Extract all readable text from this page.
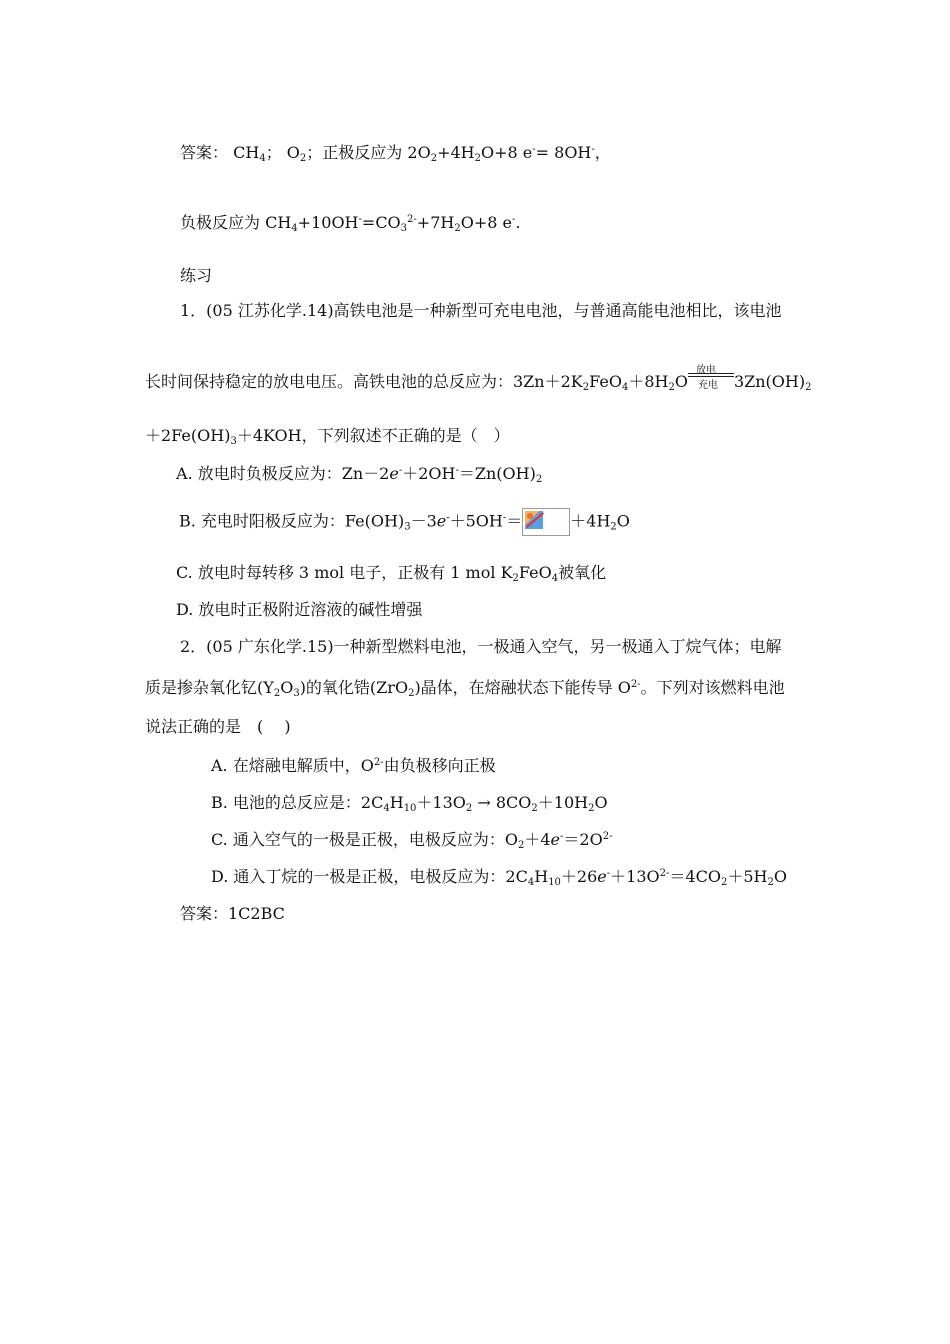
答案： $CH_4$； $O_2$；正极反应为 $2O_2+4H_2O+8$ e-= 8OH-，
负极反应为 $CH_4+10OH^-=CO_3^{2-}+7H_2O+8$ e-.
练习
1．(05 江苏化学.14)高铁电池是一种新型可充电电池，与普通高能电池相比，该电池
长时间保持稳定的放电电压。高铁电池的总反应为：$3Zn+2K_2FeO_4+8H_2O$
放电
充电 $3Zn(OH)_2$
$+2Fe(OH)_3+4KOH$，下列叙述不正确的是（　）
A. 放电时负极反应为：$Zn-2e^-+2OH^-=Zn(OH)_2$
B. 充电时阳极反应为：$Fe(OH)_3-3e^-+5OH^-=$	$+4H_2O$
C. 放电时每转移 3 mol 电子，正极有 1 mol $K_2FeO_4$被氧化
D. 放电时正极附近溶液的碱性增强
2．(05 广东化学.15)一种新型燃料电池，一极通入空气，另一极通入丁烷气体；电解
质是掺杂氧化钇$(Y_2O_3)$的氧化锆(ZrO$_2$)晶体，在熔融状态下能传导 $O^{2-}$。下列对该燃料电池
说法正确的是　(　 )
A. 在熔融电解质中，$O^{2-}$由负极移向正极
B. 电池的总反应是：$2C_4H_{10}+13O_2 \to 8CO_2+10H_2O$
C. 通入空气的一极是正极，电极反应为：$O_2+4e^-=2O^{2-}$
D. 通入丁烷的一极是正极，电极反应为：$2C_4H_{10}+26e^-+13O^{2-}=4CO_2+5H_2O$
答案：1C2BC
